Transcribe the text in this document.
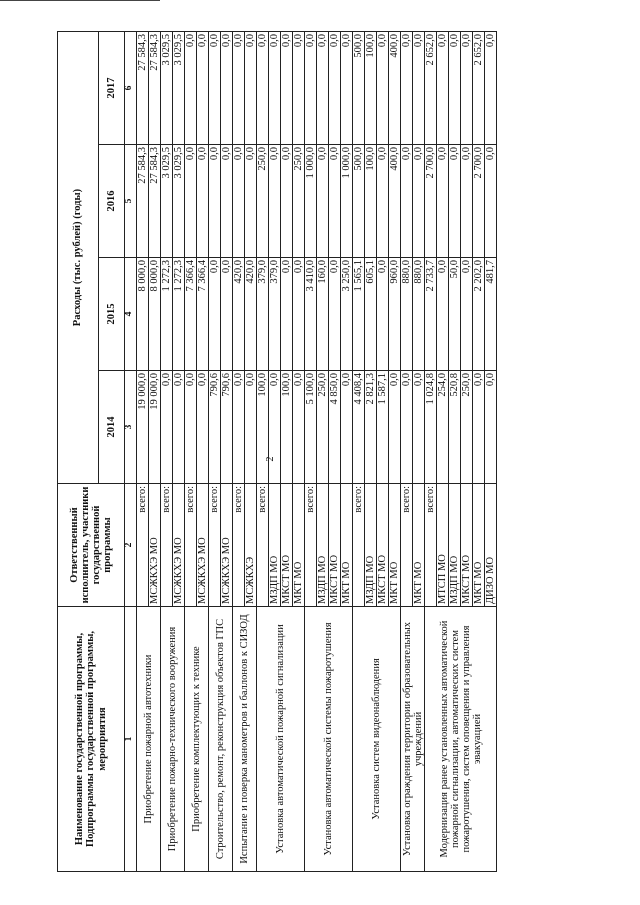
2
Наименование государственной программы, Подпрограммы государственной программы, мероприятия	Ответственный исполнитель, участники государственной программы	Расходы (тыс. рублей) (годы)			
		2014	2015	2016	2017
1	2	3	4	5	6
Приобретение пожарной автотехники	всего:	19 000,0	8 000,0	27 584,3	27 584,3
	МСЖКХЭ МО	19 000,0	8 000,0	27 584,3	27 584,3
Приобретение пожарно-технического вооружения	всего:	0,0	1 272,3	3 029,5	3 029,5
	МСЖКХЭ МО	0,0	1 272,3	3 029,5	3 029,5
Приобретение комплектующих к технике	всего:	0,0	7 366,4	0,0	0,0
	МСЖКХЭ МО	0,0	7 366,4	0,0	0,0
Строительство, ремонт, реконструкция объектов ГПС	всего:	790,6	0,0	0,0	0,0
	МСЖКХЭ МО	790,6	0,0	0,0	0,0
Испытание и поверка манометров и баллонов к СИЗОД	всего:	0,0	420,0	0,0	0,0
	МСЖКХЭ	0,0	420,0	0,0	0,0
Установка автоматической пожарной сигнализации	всего:	100,0	379,0	250,0	0,0
	МЗДП МО	0,0	379,0	0,0	0,0
	МКСТ МО	100,0	0,0	0,0	0,0
	МКТ МО	0,0	0,0	250,0	0,0
Установка автоматической системы пожаротушения	всего:	5 100,0	3 410,0	1 000,0	0,0
	МЗДП МО	250,0	160,0	0,0	0,0
	МКСТ МО	4 850,0	0,0	0,0	0,0
	МКТ МО	0,0	3 250,0	1 000,0	0,0
Установка систем видеонаблюдения	всего:	4 408,4	1 565,1	500,0	500,0
	МЗДП МО	2 821,3	605,1	100,0	100,0
	МКСТ МО	1 587,1	0,0	0,0	0,0
	МКТ МО	0,0	960,0	400,0	400,0
Установка ограждения территории образовательных учреждений	всего:	0,0	880,0	0,0	0,0
	МКТ МО	0,0	880,0	0,0	0,0
Модернизация ранее установленных автоматической пожарной сигнализации, автоматических систем пожаротушения, систем оповещения и управления эвакуацией	всего:	1 024,8	2 733,7	2 700,0	2 652,0
	МТСП МО	254,0	0,0	0,0	0,0
	МЗДП МО	520,8	50,0	0,0	0,0
	МКСТ МО	250,0	0,0	0,0	0,0
	МКТ МО	0,0	2 202,0	2 700,0	2 652,0
	ДИЗО МО	0,0	481,7	0,0	0,0
